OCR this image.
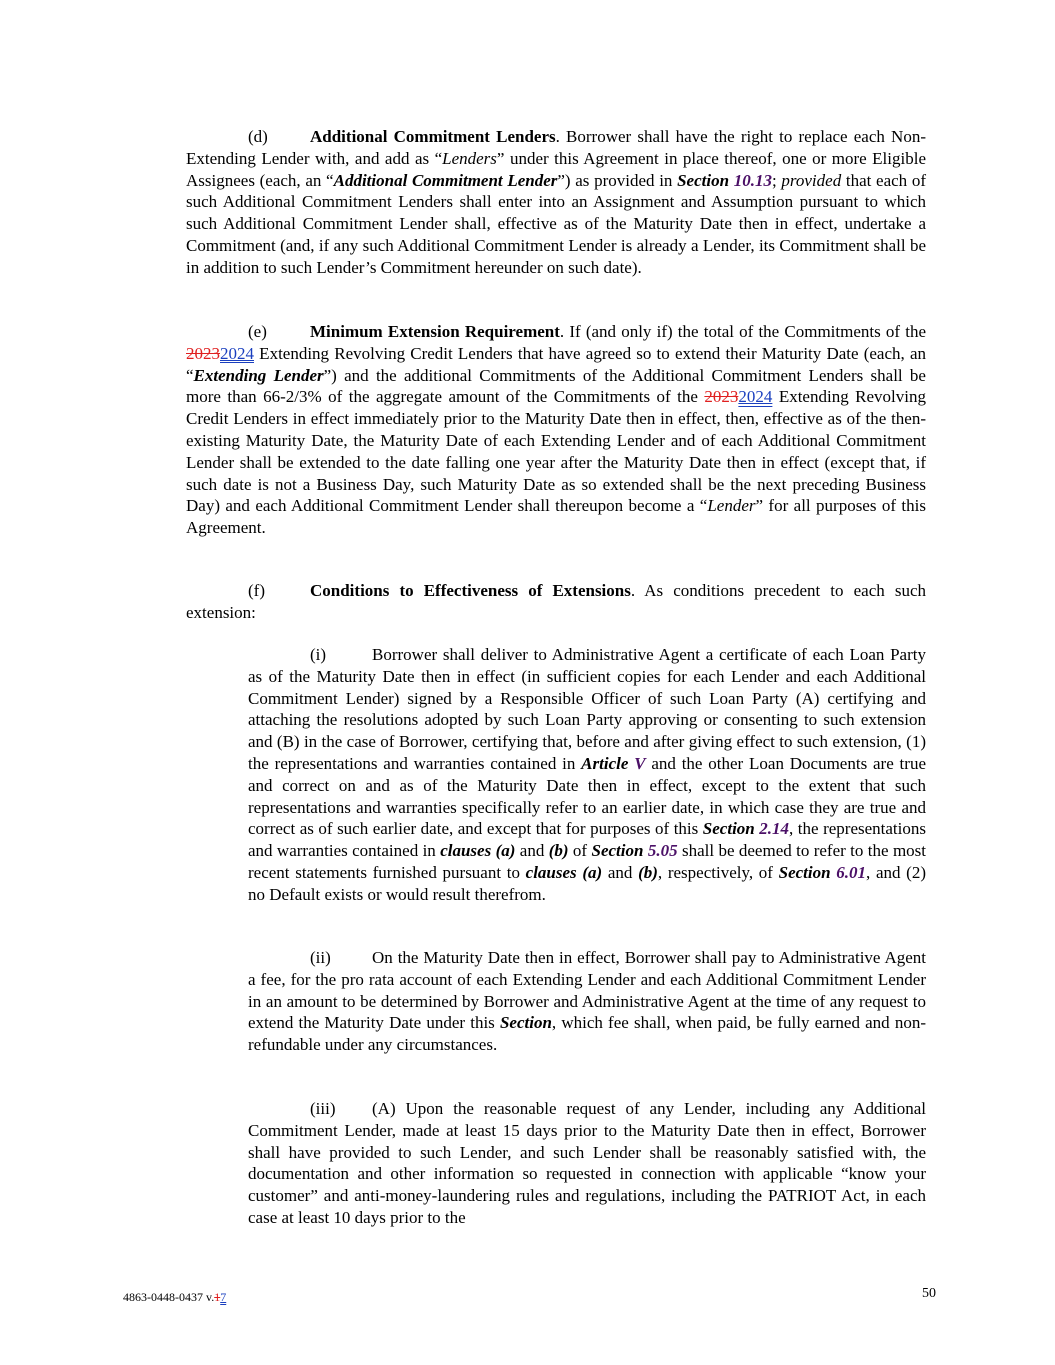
(d) Additional Commitment Lenders. Borrower shall have the right to replace each Non-Extending Lender with, and add as “Lenders” under this Agreement in place thereof, one or more Eligible Assignees (each, an “Additional Commitment Lender”) as provided in Section 10.13; provided that each of such Additional Commitment Lenders shall enter into an Assignment and Assumption pursuant to which such Additional Commitment Lender shall, effective as of the Maturity Date then in effect, undertake a Commitment (and, if any such Additional Commitment Lender is already a Lender, its Commitment shall be in addition to such Lender’s Commitment hereunder on such date).

(e)	Minimum Extension Requirement. If (and only if) the total of the Commitments of the 20232024 Extending Revolving Credit Lenders that have agreed so to extend their Maturity Date (each, an “Extending Lender”) and the additional Commitments of the Additional Commitment Lenders shall be more than 66-2/3% of the aggregate amount of the Commitments of the 20232024 Extending Revolving Credit Lenders in effect immediately prior to the Maturity Date then in effect, then, effective as of the then-existing Maturity Date, the Maturity Date of each Extending Lender and of each Additional Commitment Lender shall be extended to the date falling one year after the Maturity Date then in effect (except that, if such date is not a Business Day, such Maturity Date as so extended shall be the next preceding Business Day) and each Additional Commitment Lender shall thereupon become a “Lender” for all purposes of this Agreement.

(f)	Conditions to Effectiveness of Extensions. As conditions precedent to each such extension:

(i)	Borrower shall deliver to Administrative Agent a certificate of each Loan Party as of the Maturity Date then in effect (in sufficient copies for each Lender and each Additional Commitment Lender) signed by a Responsible Officer of such Loan Party (A) certifying and attaching the resolutions adopted by such Loan Party approving or consenting to such extension and (B) in the case of Borrower, certifying that, before and after giving effect to such extension, (1) the representations and warranties contained in Article V and the other Loan Documents are true and correct on and as of the Maturity Date then in effect, except to the extent that such representations and warranties specifically refer to an earlier date, in which case they are true and correct as of such earlier date, and except that for purposes of this Section 2.14, the representations and warranties contained in clauses (a) and (b) of Section 5.05 shall be deemed to refer to the most recent statements furnished pursuant to clauses (a) and (b), respectively, of Section 6.01, and (2) no Default exists or would result therefrom.

(ii) On the Maturity Date then in effect, Borrower shall pay to Administrative Agent a fee, for the pro rata account of each Extending Lender and each Additional Commitment Lender in an amount to be determined by Borrower and Administrative Agent at the time of any request to extend the Maturity Date under this Section, which fee shall, when paid, be fully earned and non-refundable under any circumstances.

(iii) (A) Upon the reasonable request of any Lender, including any Additional Commitment Lender, made at least 15 days prior to the Maturity Date then in effect, Borrower shall have provided to such Lender, and such Lender shall be reasonably satisfied with, the documentation and other information so requested in connection with applicable “know your customer” and anti-money-laundering rules and regulations, including the PATRIOT Act, in each case at least 10 days prior to the

4863-0448-0437 v.17	50
